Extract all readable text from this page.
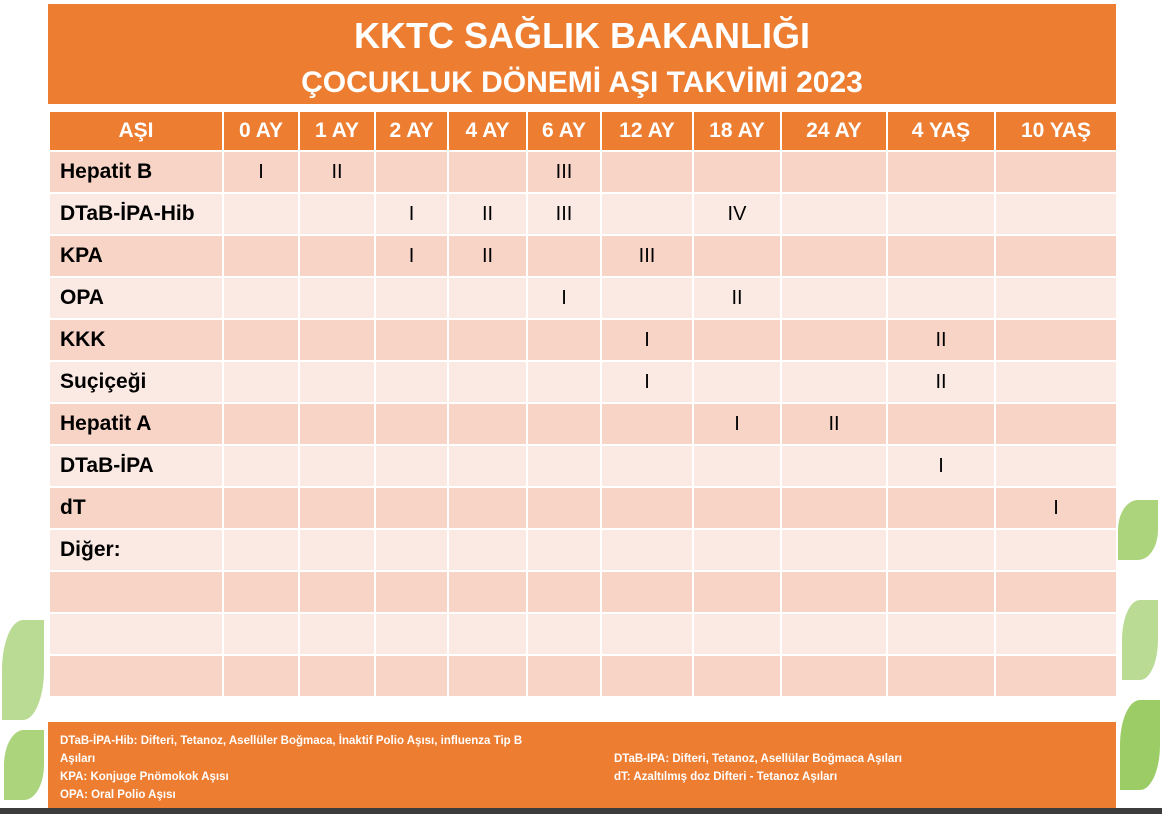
KKTC SAĞLIK BAKANLIĞI
ÇOCUKLUK DÖNEMİ AŞI TAKVİMİ 2023
AŞI	0 AY	1 AY	2 AY	4 AY	6 AY	12 AY	18 AY	24 AY	4 YAŞ	10 YAŞ
Hepatit B	I	II			III					
DTaB-İPA-Hib			I	II	III		IV			
KPA			I	II		III				
OPA					I		II			
KKK						I			II	
Suçiçeği						I			II	
Hepatit A							I	II		
DTaB-İPA									I	
dT										I
Diğer:										

DTaB-İPA-Hib: Difteri, Tetanoz, Asellüler Boğmaca, İnaktif Polio Aşısı, influenza Tip B
Aşıları
KPA: Konjuge Pnömokok Aşısı
OPA: Oral Polio Aşısı
DTaB-IPA: Difteri, Tetanoz, Asellülar Boğmaca Aşıları
dT: Azaltılmış doz Difteri - Tetanoz Aşıları
